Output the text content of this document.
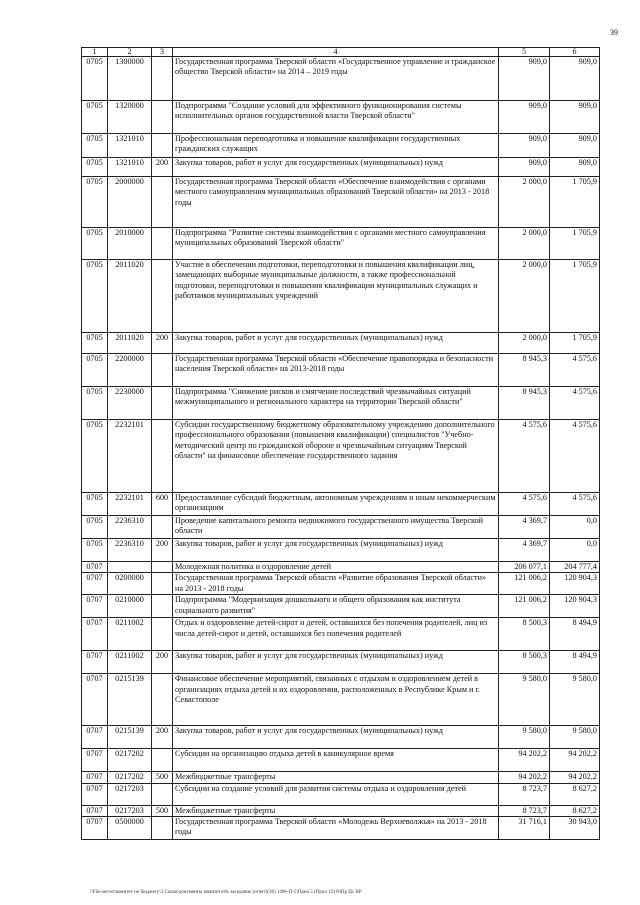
39
1	2	3	4	5	6
0705	1300000		Государственная программа Тверской области «Государственное управление и гражданское общество Тверской области» на 2014 – 2019 годы	909,0	909,0
0705	1320000		Подпрограмма "Создание условий для эффективного функционирования системы исполнительных органов государственной власти Тверской области"	909,0	909,0
0705	1321010		Профессиональная переподготовка и повышение квалификации государственных гражданских служащих	909,0	909,0
0705	1321010	200	Закупка товаров, работ и услуг для государственных (муниципальных) нужд	909,0	909,0
0705	2000000		Государственная программа Тверской области «Обеспечение взаимодействия с органами местного самоуправления муниципальных образований Тверской области» на 2013 - 2018 годы	2 000,0	1 705,9
0705	2010000		Подпрограмма "Развитие системы взаимодействия с органами местного самоуправления муниципальных образований Тверской области"	2 000,0	1 705,9
0705	2011020		Участие в обеспечении подготовки, переподготовки и повышения квалификации лиц, замещающих выборные муниципальные должности, а также профессиональной подготовки, переподготовки и повышения квалификации муниципальных служащих и работников муниципальных учреждений	2 000,0	1 705,9
0705	2011020	200	Закупка товаров, работ и услуг для государственных (муниципальных) нужд	2 000,0	1 705,9
0705	2200000		Государственная программа Тверской области «Обеспечение правопорядка и безопасности населения Тверской области» на 2013-2018 годы	8 945,3	4 575,6
0705	2230000		Подпрограмма "Снижение рисков и смягчение последствий чрезвычайных ситуаций межмуниципального и регионального характера на территории Тверской области"	8 945,3	4 575,6
0705	2232101		Субсидии государственному бюджетному образовательному учреждению дополнительного профессионального образования (повышения квалификации) специалистов "Учебно-методический центр по гражданской обороне и чрезвычайным ситуациям Тверской области" на финансовое обеспечение государственного задания	4 575,6	4 575,6
0705	2232101	600	Предоставление субсидий бюджетным, автономным учреждениям и иным некоммерческим организациям	4 575,6	4 575,6
0705	2236310		Проведение капитального ремонта недвижимого государственного имущества Тверской области	4 369,7	0,0
0705	2236310	200	Закупка товаров, работ и услуг для государственных (муниципальных) нужд	4 369,7	0,0
0707			Молодежная политика и оздоровление детей	206 077,1	204 777,4
0707	0200000		Государственная программа Тверской области «Развитие образования Тверской области» на 2013 - 2018 годы	121 006,2	120 904,3
0707	0210000		Подпрограмма "Модернизация дошкольного и общего образования как института социального развития"	121 006,2	120 904,3
0707	0211002		Отдых и оздоровление детей-сирот и детей, оставшихся без попечения родителей, лиц из числа детей-сирот и детей, оставшихся без попечения родителей	8 500,3	8 494,9
0707	0211002	200	Закупка товаров, работ и услуг для государственных (муниципальных) нужд	8 500,3	8 494,9
0707	0215139		Финансовое обеспечение мероприятий, связанных с отдыхом и оздоровлением детей в организациях отдыха детей и их оздоровления, расположенных в Республике Крым и г. Севастополе	9 580,0	9 580,0
0707	0215139	200	Закупка товаров, работ и услуг для государственных (муниципальных) нужд	9 580,0	9 580,0
0707	0217202		Субсидии на организацию отдыха детей в каникулярное время	94 202,2	94 202,2
0707	0217202	500	Межбюджетные трансферты	94 202,2	94 202,2
0707	0217203		Субсидии на создание условий для развития системы отдыха и оздоровления детей	8 723,7	8 627,2
0707	0217203	500	Межбюджетные трансферты	8 723,7	8 627,2
0707	0500000		Государственная программа Тверской области «Молодежь Верхневолжья» на 2013 - 2018 годы	31 716,1	30 943,0
\\File-server\комитет по бюджету\3 Сальн\документы комитета\№ заседание (отчет)(36) 1496-П-5\Прил 5 (Прил 12) РзПр Цс ВР
